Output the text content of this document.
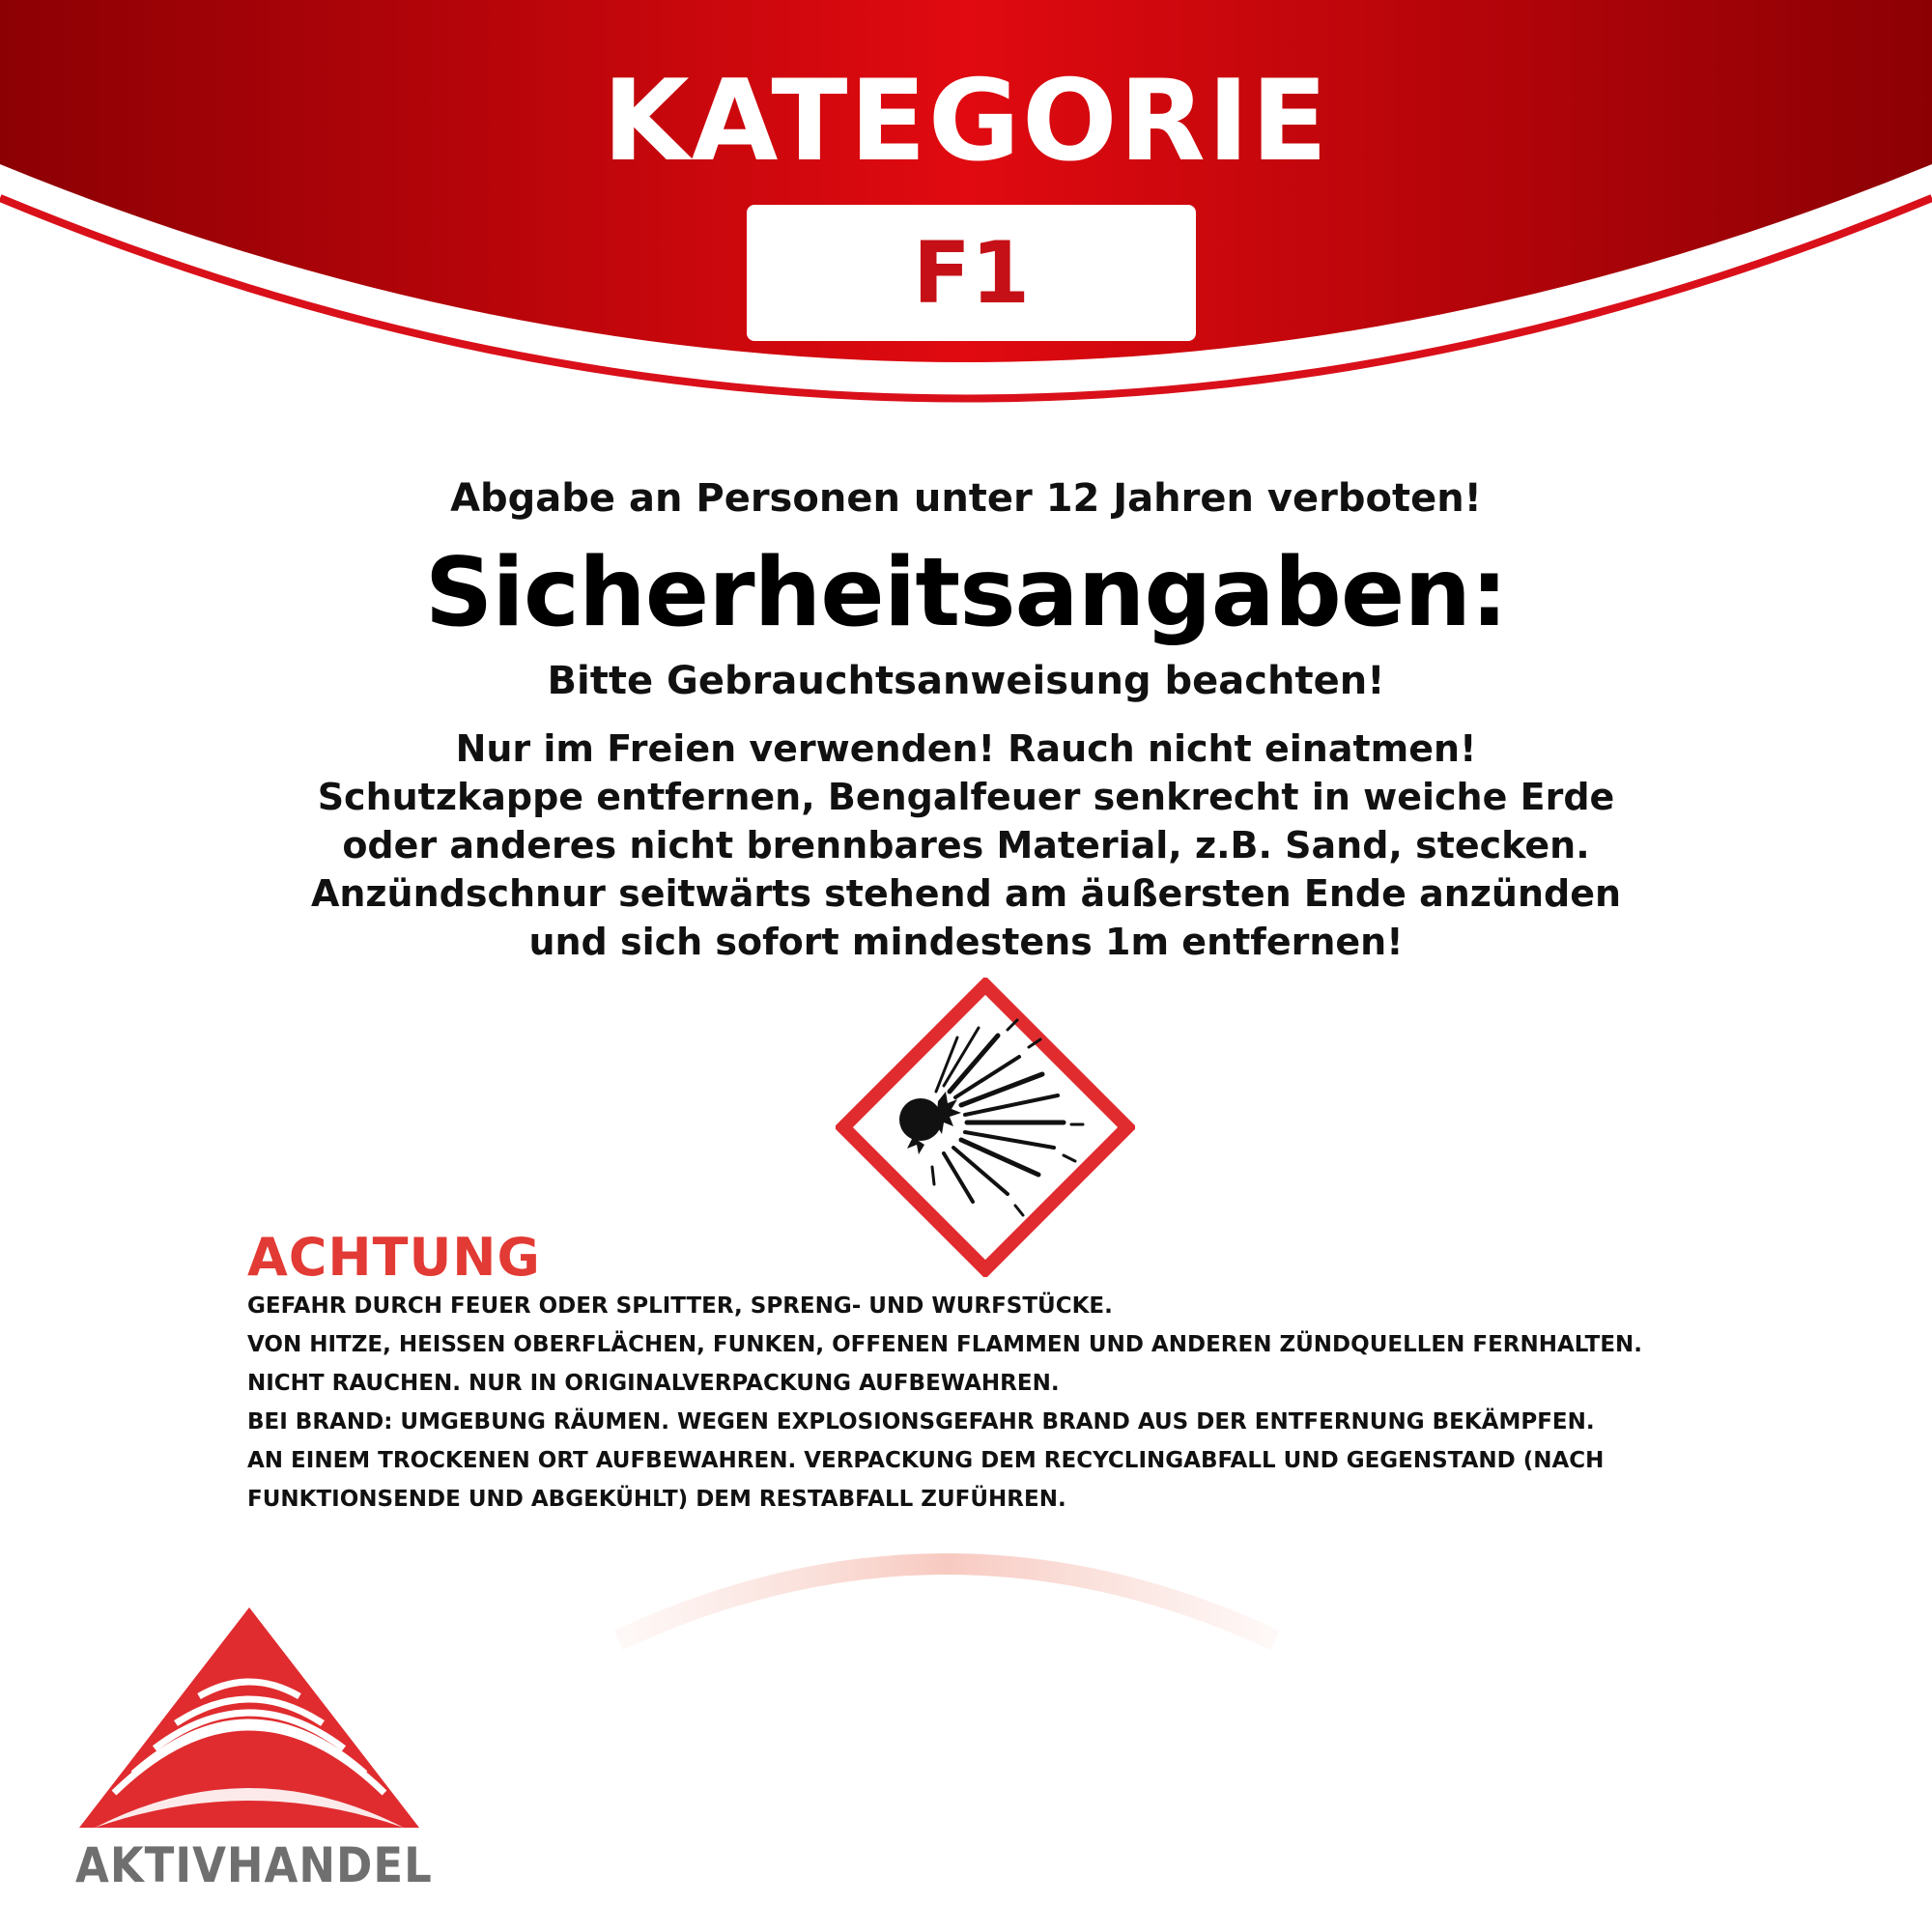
KATEGORIE
F1
Abgabe an Personen unter 12 Jahren verboten!
Sicherheitsangaben:
Bitte Gebrauchtsanweisung beachten!
Nur im Freien verwenden! Rauch nicht einatmen!
Schutzkappe entfernen, Bengalfeuer senkrecht in weiche Erde
oder anderes nicht brennbares Material, z.B. Sand, stecken.
Anzündschnur seitwärts stehend am äußersten Ende anzünden
und sich sofort mindestens 1m entfernen!
ACHTUNG
GEFAHR DURCH FEUER ODER SPLITTER, SPRENG- UND WURFSTÜCKE.
VON HITZE, HEISSEN OBERFLÄCHEN, FUNKEN, OFFENEN FLAMMEN UND ANDEREN ZÜNDQUELLEN FERNHALTEN.
NICHT RAUCHEN. NUR IN ORIGINALVERPACKUNG AUFBEWAHREN.
BEI BRAND: UMGEBUNG RÄUMEN. WEGEN EXPLOSIONSGEFAHR BRAND AUS DER ENTFERNUNG BEKÄMPFEN.
AN EINEM TROCKENEN ORT AUFBEWAHREN. VERPACKUNG DEM RECYCLINGABFALL UND GEGENSTAND (NACH
FUNKTIONSENDE UND ABGEKÜHLT) DEM RESTABFALL ZUFÜHREN.
AKTIVHANDEL
